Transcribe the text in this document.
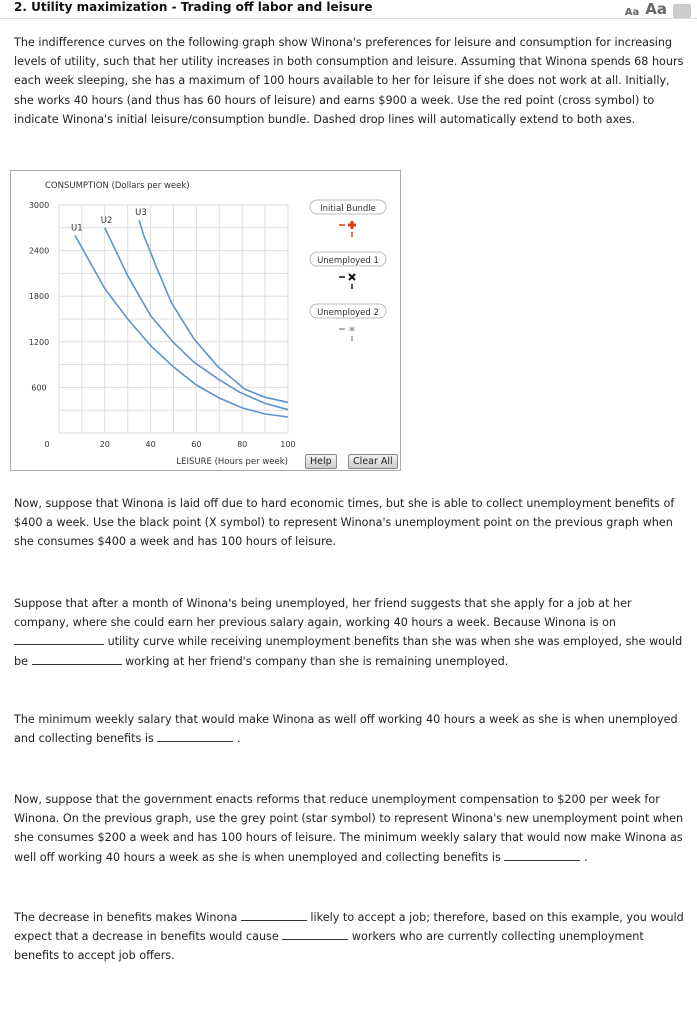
2. Utility maximization - Trading off labor and leisure	Aa Aa

The indifference curves on the following graph show Winona's preferences for leisure and consumption for increasing levels of utility, such that her utility increases in both consumption and leisure. Assuming that Winona spends 68 hours each week sleeping, she has a maximum of 100 hours available to her for leisure if she does not work at all. Initially, she works 40 hours (and thus has 60 hours of leisure) and earns $900 a week. Use the red point (cross symbol) to indicate Winona's initial leisure/consumption bundle. Dashed drop lines will automatically extend to both axes.

0	20	40	60	80	100
600
1200
1800
2400
3000
CONSUMPTION (Dollars per week)
LEISURE (Hours per week)
U1
U2
U3	Initial Bundle
Unemployed 1
Unemployed 2
✶
Help	Clear All

Now, suppose that Winona is laid off due to hard economic times, but she is able to collect unemployment benefits of $400 a week. Use the black point (X symbol) to represent Winona's unemployment point on the previous graph when she consumes $400 a week and has 100 hours of leisure.

Suppose that after a month of Winona's being unemployed, her friend suggests that she apply for a job at her company, where she could earn her previous salary again, working 40 hours a week. Because Winona is on  utility curve while receiving unemployment benefits than she was when she was employed, she would be	working at her friend's company than she is remaining unemployed.

The minimum weekly salary that would make Winona as well off working 40 hours a week as she is when unemployed and collecting benefits is	.

Now, suppose that the government enacts reforms that reduce unemployment compensation to $200 per week for Winona. On the previous graph, use the grey point (star symbol) to represent Winona's new unemployment point when she consumes $200 a week and has 100 hours of leisure. The minimum weekly salary that would now make Winona as well off working 40 hours a week as she is when unemployed and collecting benefits is	.

The decrease in benefits makes Winona	likely to accept a job; therefore, based on this example, you would expect that a decrease in benefits would cause	workers who are currently collecting unemployment benefits to accept job offers.
